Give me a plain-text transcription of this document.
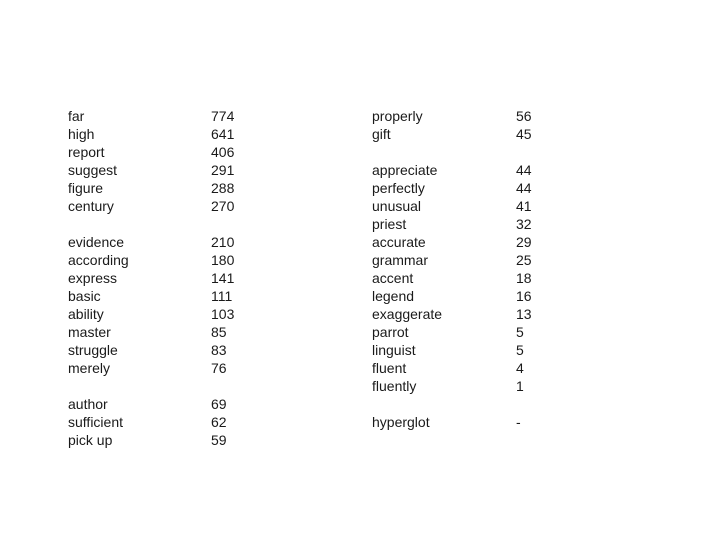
far
high
report
suggest
figure
century
evidence
according
express
basic
ability
master
struggle
merely
author
sufficient
pick up
774
641
406
291
288
270
210
180
141
111
103
85
83
76
69
62
59
properly
gift
appreciate
perfectly
unusual
priest
accurate
grammar
accent
legend
exaggerate
parrot
linguist
fluent
fluently
hyperglot
56
45
44
44
41
32
29
25
18
16
13
5
5
4
1
-
